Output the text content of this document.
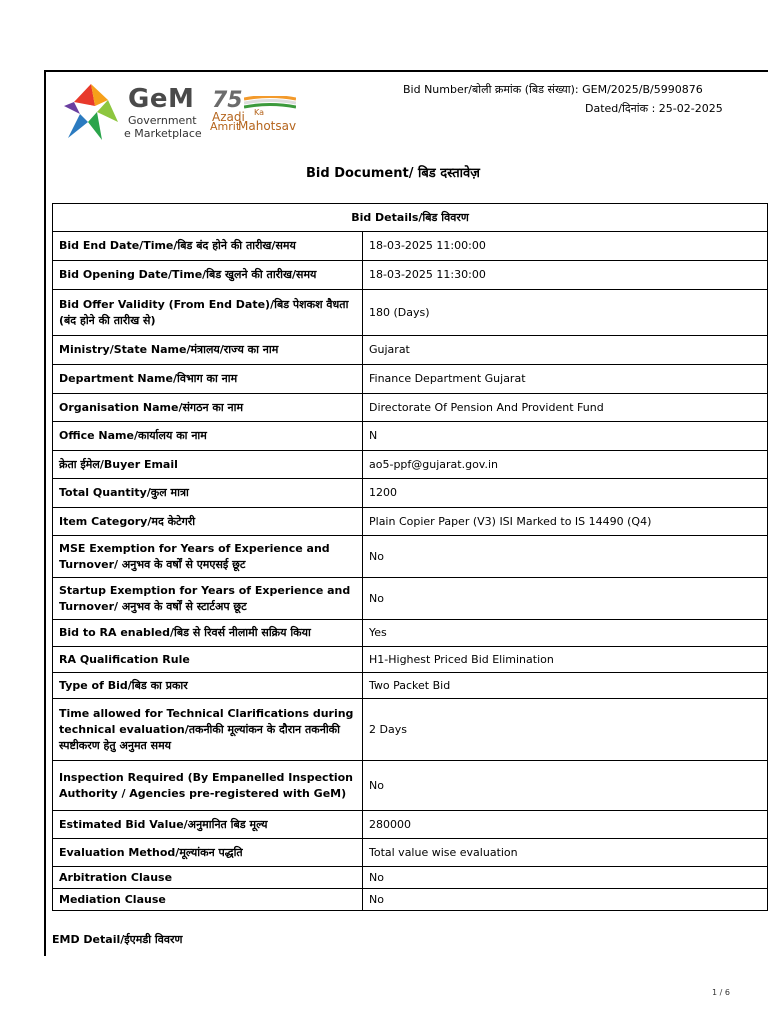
GeM
Government
e Marketplace
75
Azadi Ka
Amrit
Mahotsav
Bid Number/बोली क्रमांक (बिड संख्या): GEM/2025/B/5990876
Dated/दिनांक : 25-02-2025
Bid Document/ बिड दस्तावेज़
Bid Details/बिड विवरण	
Bid End Date/Time/बिड बंद होने की तारीख/समय	18-03-2025 11:00:00
Bid Opening Date/Time/बिड खुलने की तारीख/समय	18-03-2025 11:30:00
Bid Offer Validity (From End Date)/बिड पेशकश वैधता (बंद होने की तारीख से)	180 (Days)
Ministry/State Name/मंत्रालय/राज्य का नाम	Gujarat
Department Name/विभाग का नाम	Finance Department Gujarat
Organisation Name/संगठन का नाम	Directorate Of Pension And Provident Fund
Office Name/कार्यालय का नाम	N
क्रेता ईमेल/Buyer Email	ao5-ppf@gujarat.gov.in
Total Quantity/कुल मात्रा	1200
Item Category/मद केटेगरी	Plain Copier Paper (V3) ISI Marked to IS 14490 (Q4)
MSE Exemption for Years of Experience and Turnover/ अनुभव के वर्षों से एमएसई छूट	No
Startup Exemption for Years of Experience and Turnover/ अनुभव के वर्षों से स्टार्टअप छूट	No
Bid to RA enabled/बिड से रिवर्स नीलामी सक्रिय किया	Yes
RA Qualification Rule	H1-Highest Priced Bid Elimination
Type of Bid/बिड का प्रकार	Two Packet Bid
Time allowed for Technical Clarifications during technical evaluation/तकनीकी मूल्यांकन के दौरान तकनीकी स्पष्टीकरण हेतु अनुमत समय	2 Days
Inspection Required (By Empanelled Inspection Authority / Agencies pre-registered with GeM)	No
Estimated Bid Value/अनुमानित बिड मूल्य	280000
Evaluation Method/मूल्यांकन पद्धति	Total value wise evaluation
Arbitration Clause	No
Mediation Clause	No
EMD Detail/ईएमडी विवरण
1 / 6
